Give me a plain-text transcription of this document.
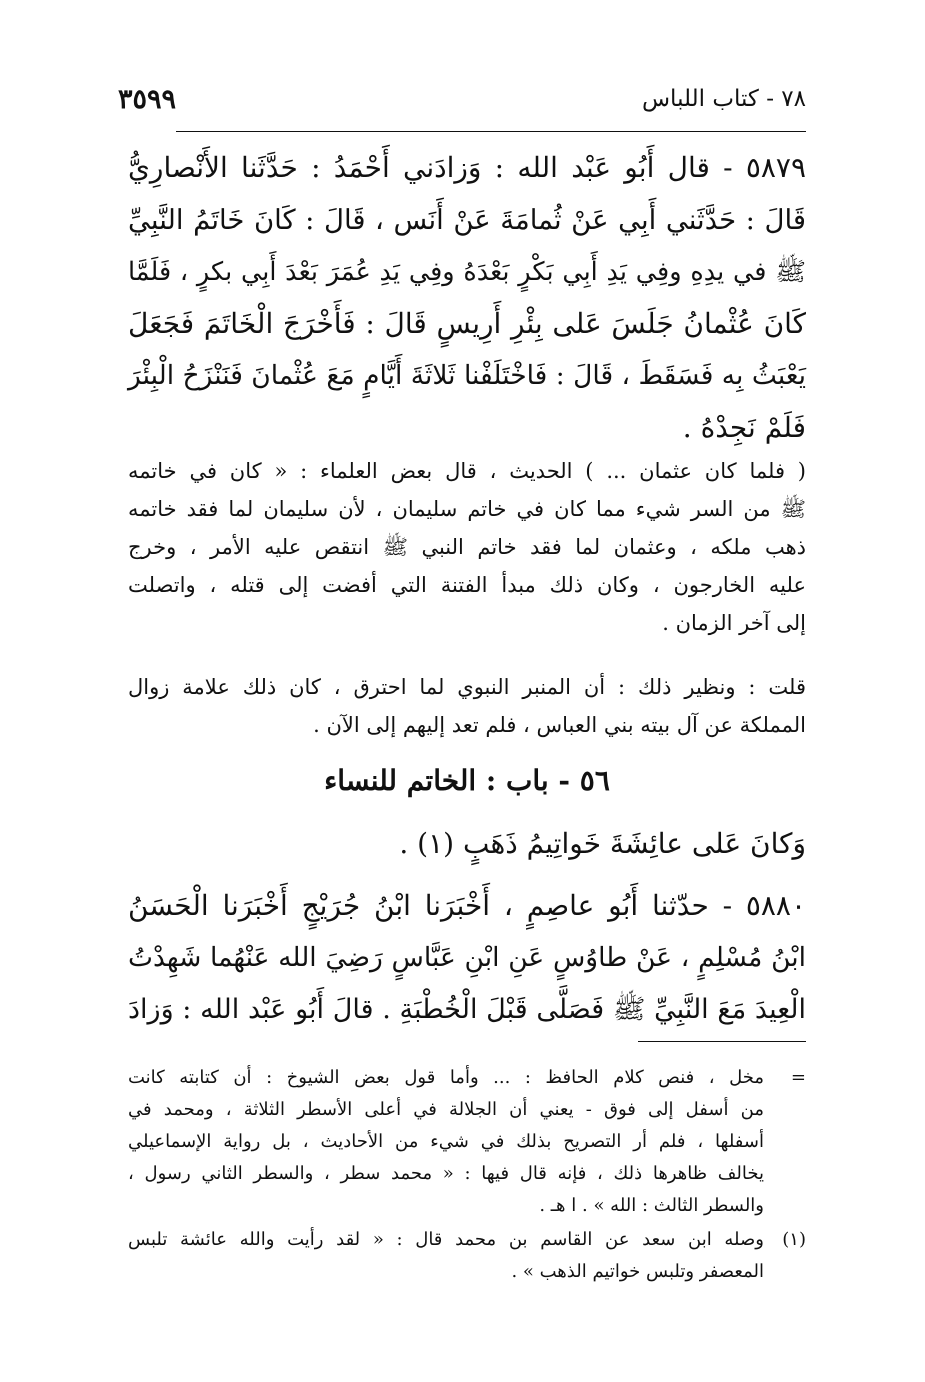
٣٥٩٩	٧٨ - كتاب اللباس
٥٨٧٩ - قال أَبُو عَبْد الله : وَزادَني أَحْمَدُ : حَدَّثَنا الأَنْصارِيُّ
قَالَ : حَدَّثَني أَبِي عَنْ ثُمامَةَ عَنْ أَنَس ، قَالَ : كَانَ خَاتَمُ النَّبِيِّ
ﷺ في يدِهِ وفِي يَدِ أَبِي بَكْرٍ بَعْدَهُ وفِي يَدِ عُمَرَ بَعْدَ أَبِي بكرٍ ، فَلَمَّا
كَانَ عُثْمانُ جَلَسَ عَلى بِئْرِ أَرِيسٍ قَالَ : فَأَخْرَجَ الْخَاتَمَ فَجَعَلَ
يَعْبَثُ بِه فَسَقَطَ ، قَالَ : فَاخْتَلَفْنا ثَلاثَةَ أَيَّامٍ مَعَ عُثْمانَ فَنَنْزَحُ الْبِئْرَ
فَلَمْ نَجِدْهُ .
( فلما كان عثمان ... ) الحديث ، قال بعض العلماء : « كان في خاتمه
ﷺ من السر شيء مما كان في خاتم سليمان ، لأن سليمان لما فقد خاتمه
ذهب ملكه ، وعثمان لما فقد خاتم النبي ﷺ انتقص عليه الأمر ، وخرج
عليه الخارجون ، وكان ذلك مبدأ الفتنة التي أفضت إلى قتله ، واتصلت
إلى آخر الزمان .
قلت : ونظير ذلك : أن المنبر النبوي لما احترق ، كان ذلك علامة زوال
المملكة عن آل بيته بني العباس ، فلم تعد إليهم إلى الآن .
٥٦ - باب : الخاتم للنساء
وَكانَ عَلى عائِشَةَ خَواتِيمُ ذَهَبٍ (١) .
٥٨٨٠ - حدّثنا أَبُو عاصِمٍ ، أَخْبَرَنا ابْنُ جُرَيْجٍ أَخْبَرَنا الْحَسَنُ
ابْنُ مُسْلِمٍ ، عَنْ طاوُسٍ عَنِ ابْنِ عَبَّاسٍ رَضِيَ الله عَنْهُما شَهِدْتُ
الْعِيدَ مَعَ النَّبِيِّ ﷺ فَصَلَّى قَبْلَ الْخُطْبَةِ . قالَ أَبُو عَبْد الله : وَزادَ
=
مخل ، فنص كلام الحافظ : ... وأما قول بعض الشيوخ : أن كتابته كانت
من أسفل إلى فوق - يعني أن الجلالة في أعلى الأسطر الثلاثة ، ومحمد في
أسفلها ، فلم أر التصريح بذلك في شيء من الأحاديث ، بل رواية الإسماعيلي
يخالف ظاهرها ذلك ، فإنه قال فيها : « محمد سطر ، والسطر الثاني رسول ،
والسطر الثالث : الله » . ا هـ .
(١)
وصله ابن سعد عن القاسم بن محمد قال : « لقد رأيت والله عائشة تلبس
المعصفر وتلبس خواتيم الذهب » .
